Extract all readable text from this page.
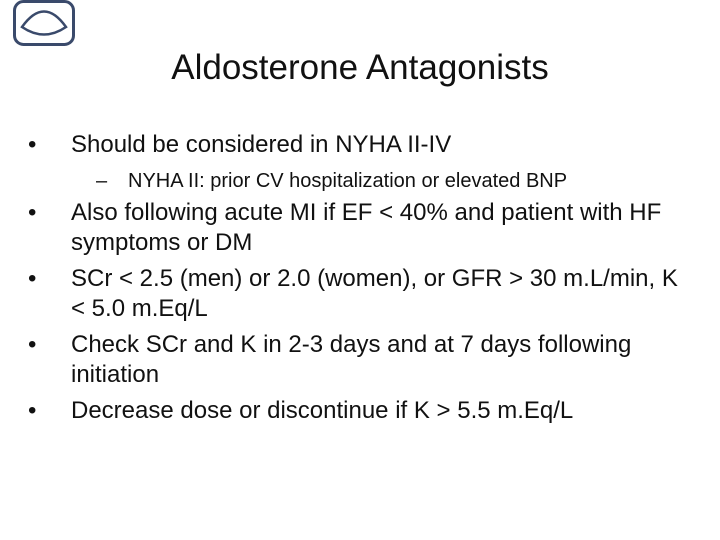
Aldosterone Antagonists
•	Should be considered in NYHA II-IV
– NYHA II: prior CV hospitalization or elevated BNP
•	Also following acute MI if EF < 40% and patient with HF symptoms or DM
•	SCr < 2.5 (men) or 2.0 (women), or GFR > 30 m.L/min, K < 5.0 m.Eq/L
•	Check SCr and K in 2-3 days and at 7 days following initiation
•	Decrease dose or discontinue if K > 5.5 m.Eq/L
